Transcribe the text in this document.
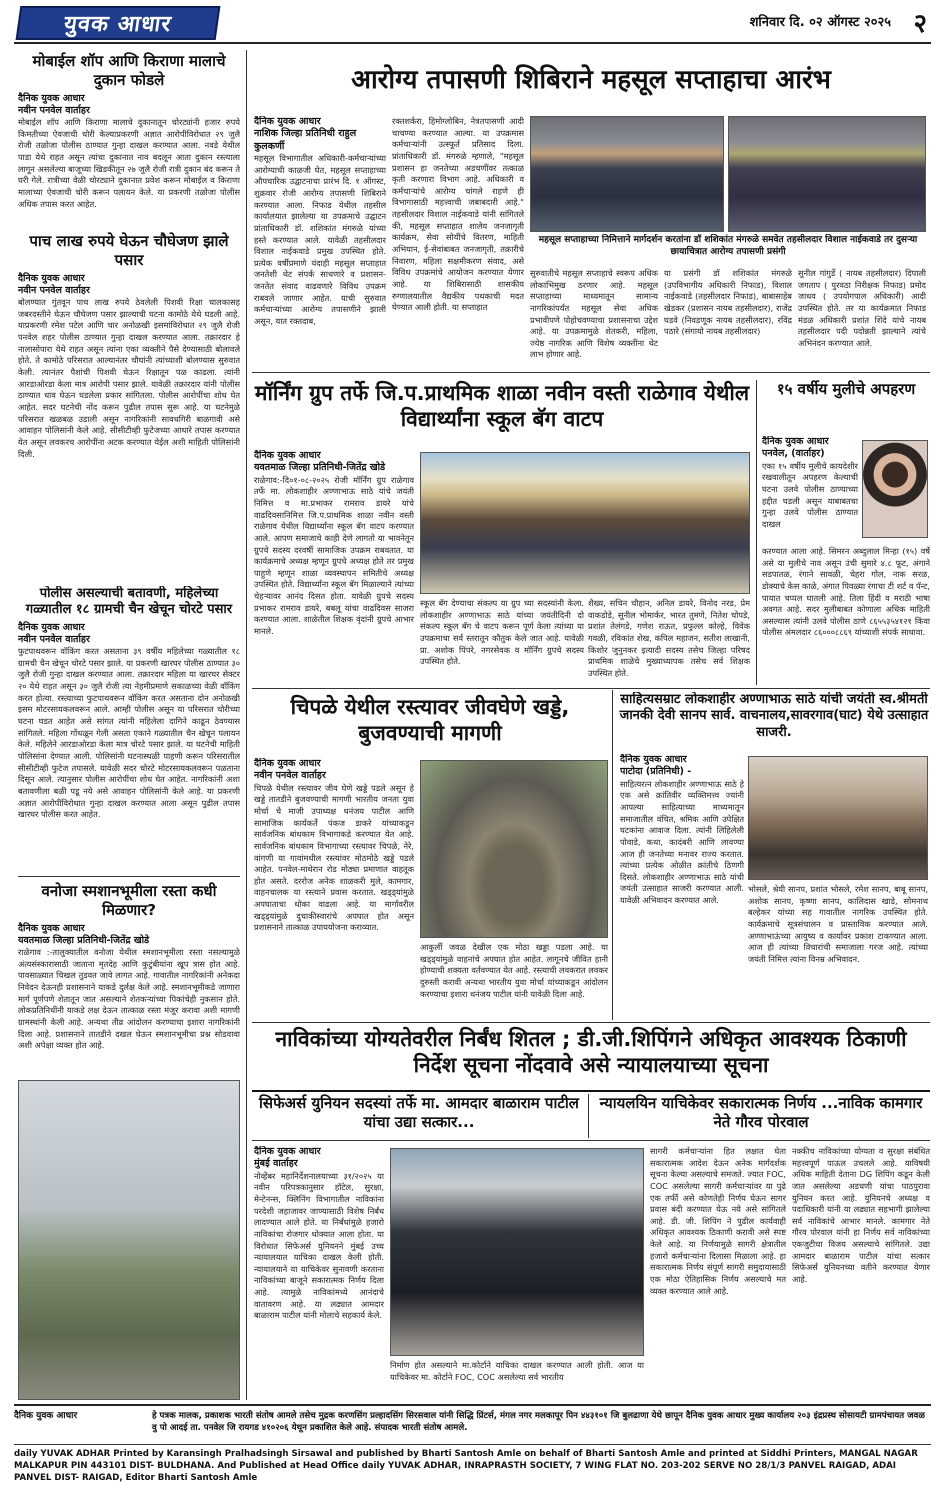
युवक आधार	शनिवार दि. ०२ ऑगस्ट २०२५ २
मोबाईल शॉप आणि किराणा मालाचे दुकान फोडले
दैनिक युवक आधार
नवीन पनवेल वार्ताहर
मोबाईल शॉप आणि किराणा मालाचे दुकानातून चोरट्यांनी हजार रुपये किमतीच्या ऐवजाची चोरी केल्याप्रकरणी अज्ञात आरोपीविरोधात २९ जुलै रोजी तळोजा पोलीस ठाण्यात गुन्हा दाखल करण्यात आला. नवडे येथील पाडा येथे राहत असून त्यांचा दुकानात नाव बदलून आता दुकान रस्त्याला लागून असलेल्या बाजूच्या खिडकीतून २७ जुलै रोजी रात्री दुकान बंद करून ते घरी गेले. रात्रीच्या वेळी चोरट्याने दुकानात प्रवेश करून मोबाईल व किराणा मालाच्या ऐवजाची चोरी करून पलायन केले. या प्रकरणी तळोजा पोलीस अधिक तपास करत आहेत.
पाच लाख रुपये घेऊन चौघेजण झाले पसार
दैनिक युवक आधार
नवीन पनवेल वार्ताहर
बोलण्यात गुंतवून पाच लाख रुपये ठेवलेली पिशवी रिक्षा चालकासह जबरदस्तीने घेऊन चौघेजण पसार झाल्याची घटना कामोठे येथे घडली आहे. याप्रकरणी रमेश पटेल आणि चार अनोळखी इसमांविरोधात २९ जुलै रोजी पनवेल शहर पोलीस ठाण्यात गुन्हा दाखल करण्यात आला. तक्रारदार हे नालासोपारा येथे राहत असून त्यांना एका व्यक्तीने पैसे देण्यासाठी बोलावले होते. ते कामोठे परिसरात आल्यानंतर चौघांनी त्यांच्याशी बोलण्यास सुरुवात केली. त्यानंतर पैशांची पिशवी घेऊन रिक्षातून पळ काढला. त्यांनी आरडाओरडा केला मात्र आरोपी पसार झाले. यावेळी तक्रारदार यांनी पोलीस ठाण्यात धाव घेऊन घडलेला प्रकार सांगितला. पोलीस आरोपींचा शोध घेत आहेत. सदर घटनेची नोंद करून पुढील तपास सुरू आहे. या घटनेमुळे परिसरात खळबळ उडाली असून नागरिकांनी सावधगिरी बाळगावी असे आवाहन पोलिसांनी केले आहे. सीसीटीव्ही फुटेजच्या आधारे तपास करण्यात येत असून लवकरच आरोपींना अटक करण्यात येईल अशी माहिती पोलिसांनी दिली.
पोलीस असल्याची बतावणी, महिलेच्या गळ्यातील १८ ग्रामची चैन खेचून चोरटे पसार
दैनिक युवक आधार
नवीन पनवेल वार्ताहर
फुटपाथवरून वॉकिंग करत असताना ३९ वर्षीय महिलेच्या गळ्यातील १८ ग्रामची चैन खेचून चोरटे पसार झाले. या प्रकरणी खारघर पोलीस ठाण्यात ३० जुलै रोजी गुन्हा दाखल करण्यात आला. तक्रारदार महिला या खारघर सेक्टर २० येथे राहत असून ३० जुलै रोजी त्या नेहमीप्रमाणे सकाळच्या वेळी वॉकिंग करत होत्या. रस्त्याच्या फुटपाथवरून वॉकिंग करत असताना दोन अनोळखी इसम मोटरसायकलवरून आले. आम्ही पोलीस असून या परिसरात चोरीच्या घटना घडत आहेत असे सांगत त्यांनी महिलेला दागिने काढून ठेवण्यास सांगितले. महिला गोंधळून गेली असता एकाने गळ्यातील चैन खेचून पलायन केले. महिलेने आरडाओरडा केला मात्र चोरटे पसार झाले. या घटनेची माहिती पोलिसांना देण्यात आली. पोलिसांनी घटनास्थळी पाहणी करून परिसरातील सीसीटीव्ही फुटेज तपासले. यावेळी सदर चोरटे मोटरसायकलवरून पळताना दिसून आले. त्यानुसार पोलीस आरोपींचा शोध घेत आहेत. नागरिकांनी अशा बतावणीला बळी पडू नये असे आवाहन पोलिसांनी केले आहे. या प्रकरणी अज्ञात आरोपींविरोधात गुन्हा दाखल करण्यात आला असून पुढील तपास खारघर पोलीस करत आहेत.
वनोजा स्मशानभूमीला रस्ता कधी मिळणार?
दैनिक युवक आधार
यवतमाळ जिल्हा प्रतिनिधी-जितेंद्र खोडे
राळेगाव :-तालुक्यातील वनोजा येथील स्मशानभूमीला रस्ता नसल्यामुळे अंत्यसंस्कारासाठी जाताना मृतदेह आणि कुटुंबीयांना खूप त्रास होत आहे. पावसाळ्यात चिखल तुडवत जावे लागत आहे. गावातील नागरिकांनी अनेकदा निवेदन देऊनही प्रशासनाने याकडे दुर्लक्ष केले आहे. स्मशानभूमीकडे जाणारा मार्ग पूर्णपणे शेतातून जात असल्याने शेतकऱ्यांच्या पिकांचेही नुकसान होते. लोकप्रतिनिधींनी याकडे लक्ष देऊन तात्काळ रस्ता मंजूर करावा अशी मागणी ग्रामस्थांनी केली आहे. अन्यथा तीव्र आंदोलन करण्याचा इशारा नागरिकांनी दिला आहे. प्रशासनाने तातडीने दखल घेऊन स्मशानभूमीचा प्रश्न सोडवावा अशी अपेक्षा व्यक्त होत आहे.
आरोग्य तपासणी शिबिराने महसूल सप्ताहाचा आरंभ
दैनिक युवक आधार
नाशिक जिल्हा प्रतिनिधी राहुल कुलकर्णी
महसूल विभागातील अधिकारी-कर्मचाऱ्यांच्या आरोग्याची काळजी घेत, महसूल सप्ताहाच्या औपचारिक उद्घाटनाचा प्रारंभ दि. १ ऑगस्ट, शुक्रवार रोजी आरोग्य तपासणी शिबिराने करण्यात आला. निफाड येथील तहसील कार्यालयात झालेल्या या उपक्रमाचे उद्घाटन प्रांताधिकारी डॉ. शशिकांत मंगरुळे यांच्या हस्ते करण्यात आले. यावेळी तहसीलदार विशाल नाईकवाडे प्रमुख उपस्थित होते. प्रत्येक वर्षीप्रमाणे यंदाही महसूल सप्ताहात जनतेशी थेट संपर्क साधणारे व प्रशासन-जनतेत संवाद वाढवणारे विविध उपक्रम राबवले जाणार आहेत. याची सुरुवात कर्मचाऱ्यांच्या आरोग्य तपासणीने झाली असून, यात रक्तदाब,
रक्तशर्करा, हिमोग्लोबिन, नेत्रतपासणी आदी चाचण्या करण्यात आल्या. या उपक्रमास कर्मचाऱ्यांनी उत्स्फूर्त प्रतिसाद दिला. प्रांताधिकारी डॉ. मंगरुळे म्हणाले, "महसूल प्रशासन हा जनतेच्या अडचणींवर तत्काळ कृती करणारा विभाग आहे. अधिकारी व कर्मचाऱ्यांचे आरोग्य चांगले राहणे ही विभागासाठी महत्त्वाची जबाबदारी आहे." तहसीलदार विशाल नाईकवाडे यांनी सांगितले की, महसूल सप्ताहात शालेय जनजागृती कार्यक्रम, सेवा सोयींचे वितरण, माहिती अभियान, ई-सेवांबाबत जनजागृती, तक्रारीचे निवारण, महिला सक्षमीकरण संवाद, असे विविध उपक्रमांचे आयोजन करण्यात येणार आहे. या शिबिरासाठी शासकीय रुग्णालयातील वैद्यकीय पथकाची मदत घेण्यात आली होती. या सप्ताहात
महसूल सप्ताहाच्या निमित्ताने मार्गदर्शन करतांना डॉ शशिकांत मंगरुळे समवेत तहसीलदार विशाल नाईकवाडे तर दुसऱ्या छायाचित्रात आरोग्य तपासणी प्रसंगी
सुरुवातीचे महसूल सप्ताहाचे स्वरूप अधिक लोकाभिमुख ठरणार आहे. महसूल सप्ताहाच्या माध्यमातून सामान्य नागरिकांपर्यंत महसूल सेवा अधिक प्रभावीपणे पोहोचवण्याचा प्रशासनाचा उद्देश आहे. या उपक्रमामुळे शेतकरी, महिला, ज्येष्ठ नागरिक आणि विशेष व्यक्तींना थेट लाभ होणार आहे.
या प्रसंगी डॉ शशिकांत मंगरुळे (उपविभागीय अधिकारी निफाड), विशाल नाईकवाडे (तहसीलदार निफाड), बाबासाहेब खेडकर (प्रशासन नायब तहसीलदार), राजेंद्र घडवे (निवडणूक नायब तहसीलदार), रविंद्र पठारे (संगायो नायब तहसीलदार)
सुनील गांगुर्डे ( नायब तहसीलदार) दिपाली जगताप ( पुरवठा निरीक्षक निफाड) प्रमोद जाधव ( उपयोगपाल अधिकारी) आदी उपस्थित होते. तर या कार्यक्रमात निफाड मंडळ अधिकारी प्रशांत शिंदे यांचे नायब तहसीलदार पदी पदोन्नती झाल्याने त्यांचे अभिनंदन करण्यात आले.
मॉर्निंग ग्रुप तर्फे जि.प.प्राथमिक शाळा नवीन वस्ती राळेगाव येथील विद्यार्थ्यांना स्कूल बॅग वाटप
दैनिक युवक आधार
यवतमाळ जिल्हा प्रतिनिधी-जितेंद्र खोडे
राळेगाव:-दि०१-०८-२०२५ रोजी मॉर्निंग ग्रुप राळेगाव तर्फे मा. लोकशाहीर अण्णाभाऊ साठे यांचे जयंती निमित्त व मा.प्रभाकर रामराव डायरे यांचे वाढदिवसानिमित्त जि.प.प्राथमिक शाळा नवीन वस्ती राळेगाव येथील विद्यार्थ्यांना स्कूल बॅग वाटप करण्यात आले. आपण समाजाचे काही देणे लागतो या भावनेतून ग्रुपचे सदस्य दरवर्षी सामाजिक उपक्रम राबवतात. या कार्यक्रमाचे अध्यक्ष म्हणून ग्रुपचे अध्यक्ष होते तर प्रमुख पाहुणे म्हणून शाळा व्यवस्थापन समितीचे अध्यक्ष उपस्थित होते. विद्यार्थ्यांना स्कूल बॅग मिळाल्याने त्यांच्या चेहऱ्यावर आनंद दिसत होता. यावेळी ग्रुपचे सदस्य प्रभाकर रामराव डायरे, बबलू यांचा वाढदिवस साजरा करण्यात आला. शाळेतील शिक्षक वृंदांनी ग्रुपचे आभार मानले.
स्कूल बॅग देण्याचा संकल्प या ग्रुप च्या सदस्यांनी केला. लोकशाहीर अण्णाभाऊ साठे यांच्या जयंतीदिनी दो संकल्प स्कूल बॅग चे वाटप करून पूर्ण केला त्यांच्या या उपक्रमाचा सर्व स्तरातून कौतुक केले जात आहे. यावेळी प्रा. अशोक पिंपरे, नगरसेवक व मॉर्निंग ग्रुपचे सदस्य उपस्थित होते.
शैख्य, सचिन चौहान, अनिल डायरे, विनोद नरड, प्रेम वाकडोडे, सुनील भोमार्कर, भारत तुमणे, नितेश चोपडे, प्रशांत तेलंगडे, गणेश राऊत, प्रफुल्ल कोल्हे, विवेक गवळी, रविकांत शेख, कपिल महाजन, सतीश लाखानी, किशोर जुनुनकर इत्यादी सदस्य तसेच जिल्हा परिषद प्राथमिक शाळेचे मुख्याध्यापक तसेच सर्व शिक्षक उपस्थित होते.
१५ वर्षीय मुलीचे अपहरण
दैनिक युवक आधार
पनवेल, (वार्ताहर)
एका १५ वर्षीय मुलीचे कायदेशीर रखवालीतून अपहरण केल्याची घटना उलवे पोलीस ठाण्याच्या हद्दीत घडली असून याबाबतचा गुन्हा उलवे पोलीस ठाण्यात दाखल
करण्यात आला आहे. सिमरन अब्दुलाल मिन्हा (१५) वर्षे असे या मुलीचे नाव असून उंची सुमारे ४.८ फूट, अंगाने सडपातळ, रंगाने सावळी, चेहरा गोल, नाक सरळ, डोक्याचे केस काळे, अंगात पिवळ्या रंगाचा टी शर्ट व पॅन्ट, पायात चप्पल घातली आहे. तिला हिंदी व मराठी भाषा अवगत आहे. सदर मुलीबाबत कोणाला अधिक माहिती असल्यास त्यांनी उलवे पोलीस ठाणे ८६५५३५४१२१ किंवा पोलीस अंमलदार ८६०००८८६९ यांच्याशी संपर्क साधावा.
चिपळे येथील रस्त्यावर जीवघेणे खड्डे, बुजवण्याची मागणी
दैनिक युवक आधार
नवीन पनवेल वार्ताहर
चिपळे येथील रस्त्यावर जीव घेणे खड्डे पडले असून हे खड्डे तातडीने बुजवण्याची मागणी भारतीय जनता युवा मोर्चा चे माजी उपाध्यक्ष धनंजय पाटील आणि सामाजिक कार्यकर्ते पंकज डाकरे यांच्याकडून सार्वजनिक बांधकाम विभागाकडे करण्यात येत आहे. सार्वजनिक बांधकाम विभागाच्या रस्त्यावर चिपळे, नेरे, वांगणी या गावांमधील रस्त्यांवर मोठमोठे खड्डे पडले आहेत. पनवेल-माथेरान रोड मोठ्या प्रमाणात वाहतूक होत असते. दररोज अनेक शाळकरी मुले, कामगार, वाहनचालक या रस्त्याने प्रवास करतात. खड्ड्यांमुळे अपघाताचा धोका वाढला आहे. या मार्गावरील खड्ड्यांमुळे दुचाकीस्वारांचे अपघात होत असून प्रशासनाने तात्काळ उपाययोजना कराव्यात.
आकुर्ली जवळ देखील एक मोठा खड्डा पडला आहे. या खड्ड्यांमुळे वाहनांचे अपघात होत आहेत. लागूनचे जीवित हानी होण्याची शक्यता वर्तवण्यात येत आहे. रस्त्याची लवकरात लवकर दुरुस्ती करावी अन्यथा भारतीय युवा मोर्चा यांच्याकडून आंदोलन करण्याचा इशारा धनंजय पाटील यांनी यावेळी दिला आहे.
साहित्यसम्राट लोकशाहीर अण्णाभाऊ साठे यांची जयंती स्व.श्रीमती जानकी देवी सानप सार्व. वाचनालय,सावरगाव(घाट) येथे उत्साहात साजरी.
दैनिक युवक आधार
पाटोदा (प्रतिनिधी) -
साहित्यरत्न लोकशाहीर अण्णाभाऊ साठे हे एक असे क्रांतिवीर व्यक्तिमत्त्व ज्यांनी आपल्या साहित्याच्या माध्यमातून समाजातील वंचित, श्रमिक आणि उपेक्षित घटकांना आवाज दिला. त्यांनी लिहिलेली पोवाडे, कथा, कादंबरी आणि लावण्या आज ही जनतेच्या मनावर राज्य करतात. त्यांच्या प्रत्येक ओळीत क्रांतीचे ठिणगी दिसते. लोकशाहीर अण्णाभाऊ साठे यांची जयंती उत्साहात साजरी करण्यात आली. यावेळी अभिवादन करण्यात आले.
भोसले, श्रेयी सानप, प्रशांत भोसले, रमेश सानप, बाबू सानप, अशोक सानप, कृष्णा सानप, कालिदास खाडे, सोमनाथ बल्हेकर यांच्या सह गावातील नागरिक उपस्थित होते. कार्यक्रमाचे सूत्रसंचालन व प्रास्ताविक करण्यात आले. अण्णाभाऊंच्या आयुष्य व कार्यावर प्रकाश टाकण्यात आला. आज ही त्यांच्या विचारांची समाजाला गरज आहे. त्यांच्या जयंती निमित्त त्यांना विनम्र अभिवादन.
नाविकांच्या योग्यतेवरील निर्बंध शितल ; डी.जी.शिपिंगने अधिकृत आवश्यक ठिकाणी निर्देश सूचना नोंदवावे असे न्यायालयाच्या सूचना
सिफेअर्स युनियन सदस्यां तर्फे मा. आमदार बाळाराम पाटील यांचा उद्या सत्कार...
न्यायलयिन याचिकेवर सकारात्मक निर्णय ...नाविक कामगार नेते गौरव पोरवाल
दैनिक युवक आधार
मुंबई वार्ताहर
नोव्हेंबर महानिर्देशनालयाच्या ३१/२०२५ या नवीन परिपत्रकानुसार हॉटेल, सुरक्षा, मेन्टेनन्स, क्लिनिंग विभागातील नाविकांना परदेशी जहाजावर जाण्यासाठी विशेष निर्बंध लादण्यात आले होते. या निर्बंधांमुळे हजारो नाविकांचा रोजगार धोक्यात आला होता. या विरोधात सिफेअर्स युनियनने मुंबई उच्च न्यायालयात याचिका दाखल केली होती. न्यायालयाने या याचिकेवर सुनावणी करताना नाविकांच्या बाजूने सकारात्मक निर्णय दिला आहे. त्यामुळे नाविकांमध्ये आनंदाचे वातावरण आहे. या लढ्यात आमदार बाळाराम पाटील यांनी मोलाचे सहकार्य केले.
निर्माण होत असल्याने मा.कोर्टाने याचिका दाखल करण्यात आली होती. आज या याचिकेवर मा. कोर्टाने FOC, COC असलेल्या सर्व भारतीय
सागरी कर्मचाऱ्यांना हित लक्षात घेता सकारात्मक आदेश देऊन अनेक मार्गदर्शक सूचना केल्या असल्याचे समजते. ज्यात FOC, COC असलेल्या सागरी कर्मचाऱ्यांवर या पुढे एक तर्फी असे कोणतेही निर्णय घेऊन सागर प्रवास बंदी करण्यात येऊ नये असे सांगितले आहे. डी. जी. शिपिंग ने पुढील कार्यवाही अधिकृत आवश्यक ठिकाणी करावी असे स्पष्ट केले आहे. या निर्णयामुळे सागरी क्षेत्रातील हजारो कर्मचाऱ्यांना दिलासा मिळाला आहे. हा सकारात्मक निर्णय संपूर्ण सागरी समुदायासाठी एक मोठा ऐतिहासिक निर्णय असल्याचे मत व्यक्त करण्यात आले आहे.
नक्कीच नाविकांच्या योग्यता व सुरक्षा संबंधित महत्त्वपूर्ण पाऊल उचलले आहे. याविषयी अधिक माहिती देताना DG शिपिंग कडून केली जात असलेल्या अडचणी यांचा पाठपुरावा युनियन करत आहे. युनियनचे अध्यक्ष व पदाधिकारी यांनी या लढ्यात सहभागी झालेल्या सर्व नाविकांचे आभार मानले. कामगार नेते गौरव पोरवाल यांनी हा निर्णय सर्व नाविकांच्या एकजुटीचा विजय असल्याचे सांगितले. उद्या आमदार बाळाराम पाटील यांचा सत्कार सिफेअर्स युनियनच्या वतीने करण्यात येणार आहे.
दैनिक युवक आधार	हे पत्रक मालक, प्रकाशक भारती संतोष आमले तसेच मुद्रक करणसिंग प्रल्हादसिंग सिरसवाल यांनी सिद्धि प्रिंटर्स, मंगल नगर मलकापूर पिन ४४३१०१ जि बुलढाणा येथे छापून दैनिक युवक आधार मुख्य कार्यालय २०३ इंद्रप्रस्थ सोसायटी ग्रामपंचायत जवळ वु पो आदई ता. पनवेल जि रायगड ४१०२०६ येथून प्रकाशित केले आहे. संपादक भारती संतोष आमले.
daily YUVAK ADHAR Printed by Karansingh Pralhadsingh Sirsawal and published by Bharti Santosh Amle on behalf of Bharti Santosh Amle and printed at Siddhi Printers, MANGAL NAGAR MALKAPUR PIN 443101 DIST- BULDHANA. And Published at Head Office daily YUVAK ADHAR, INRAPRASTH SOCIETY, 7 WING FLAT NO. 203-202 SERVE NO 28/1/3 PANVEL RAIGAD, ADAI PANVEL DIST- RAIGAD, Editor Bharti Santosh Amle
